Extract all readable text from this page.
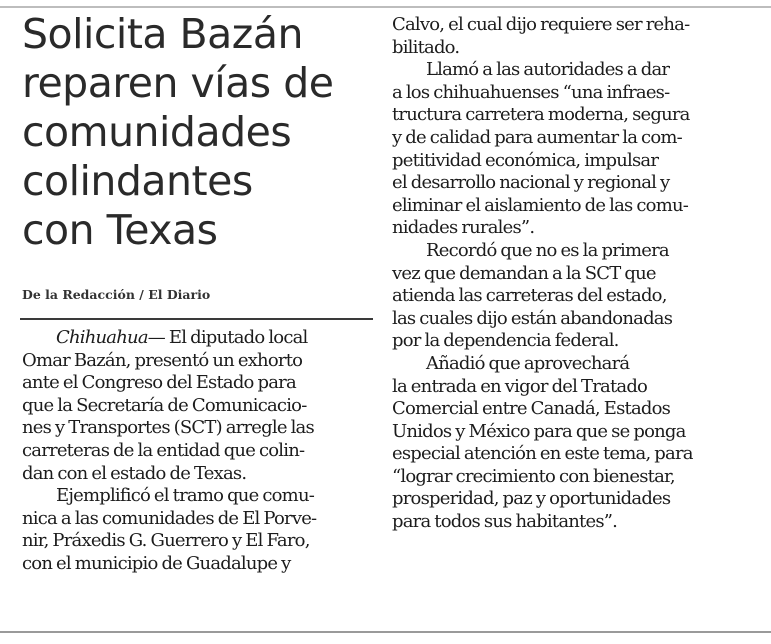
Solicita Bazán
reparen vías de
comunidades
colindantes
con Texas
De la Redacción / El Diario
Chihuahua— El diputado local
Omar Bazán, presentó un exhorto
ante el Congreso del Estado para
que la Secretaría de Comunicacio-
nes y Transportes (SCT) arregle las
carreteras de la entidad que colin-
dan con el estado de Texas.
Ejemplificó el tramo que comu-
nica a las comunidades de El Porve-
nir, Práxedis G. Guerrero y El Faro,
con el municipio de Guadalupe y
Calvo, el cual dijo requiere ser reha-
bilitado.
Llamó a las autoridades a dar
a los chihuahuenses “una infraes-
tructura carretera moderna, segura
y de calidad para aumentar la com-
petitividad económica, impulsar
el desarrollo nacional y regional y
eliminar el aislamiento de las comu-
nidades rurales”.
Recordó que no es la primera
vez que demandan a la SCT que
atienda las carreteras del estado,
las cuales dijo están abandonadas
por la dependencia federal.
Añadió que aprovechará
la entrada en vigor del Tratado
Comercial entre Canadá, Estados
Unidos y México para que se ponga
especial atención en este tema, para
“lograr crecimiento con bienestar,
prosperidad, paz y oportunidades
para todos sus habitantes”.
